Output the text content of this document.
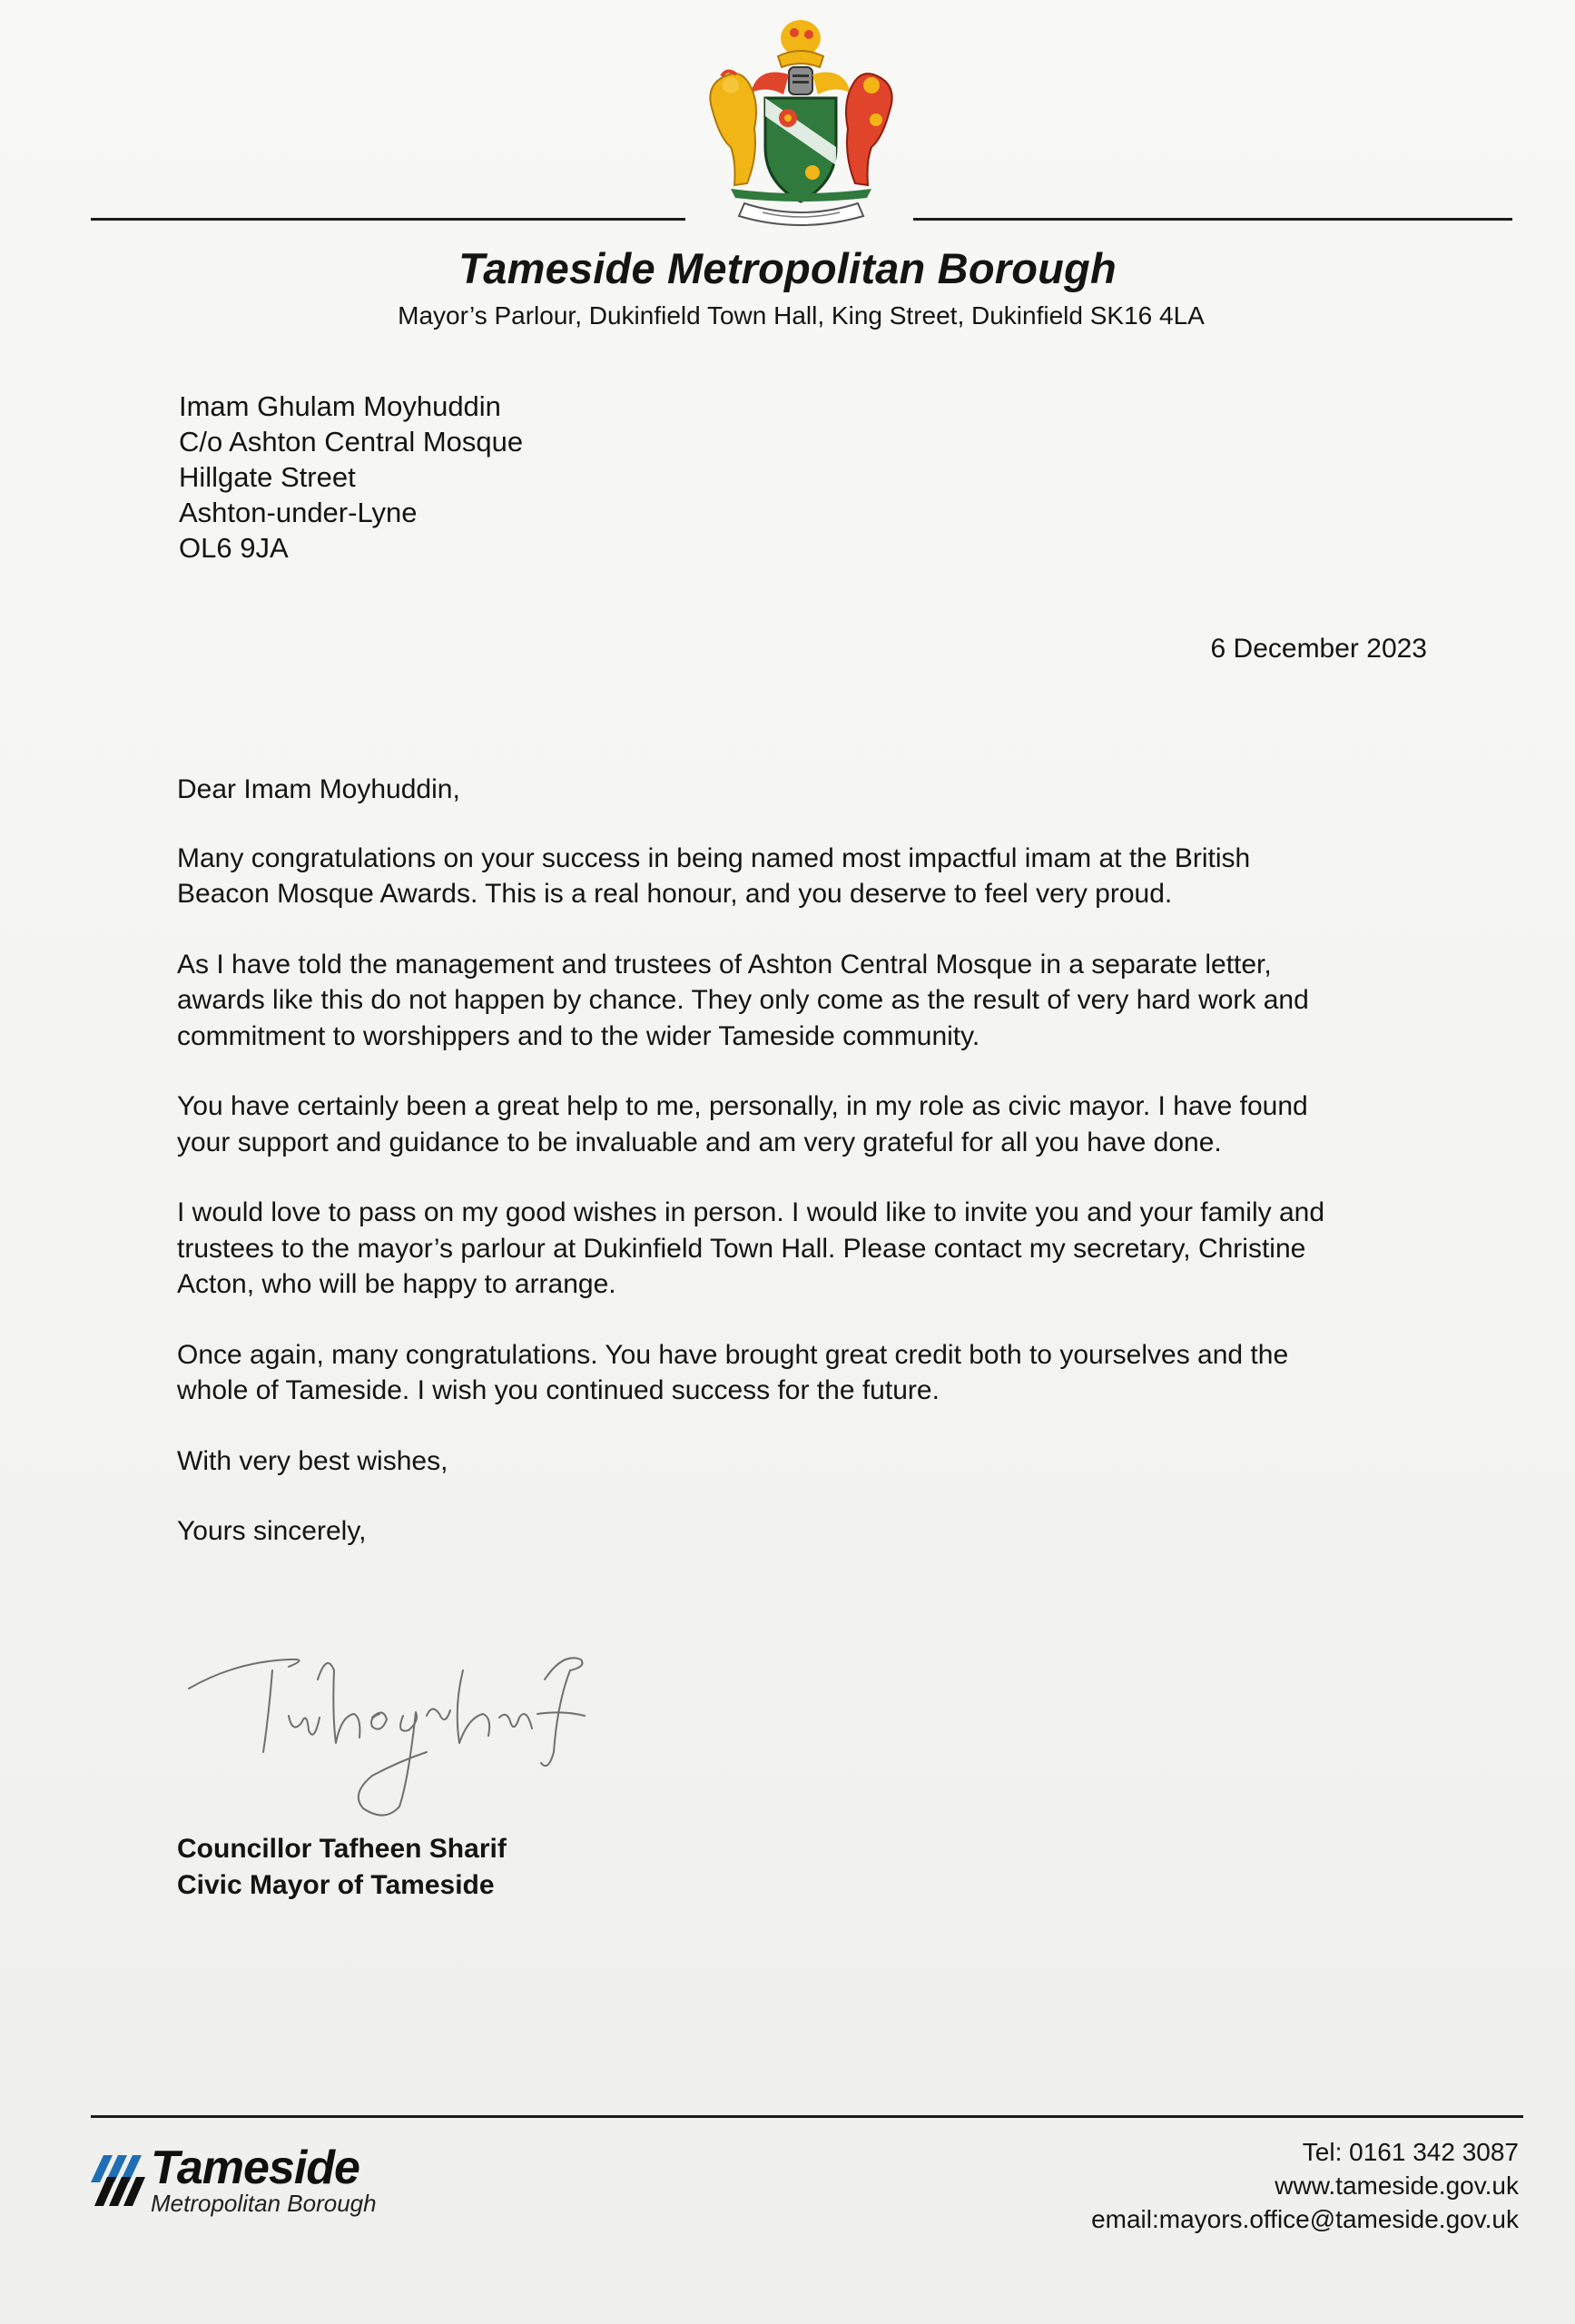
Tameside Metropolitan Borough
Mayor’s Parlour, Dukinfield Town Hall, King Street, Dukinfield SK16 4LA
Imam Ghulam Moyhuddin
C/o Ashton Central Mosque
Hillgate Street
Ashton-under-Lyne
OL6 9JA
6 December 2023

Dear Imam Moyhuddin,

Many congratulations on your success in being named most impactful imam at the British
Beacon Mosque Awards. This is a real honour, and you deserve to feel very proud.

As I have told the management and trustees of Ashton Central Mosque in a separate letter,
awards like this do not happen by chance. They only come as the result of very hard work and
commitment to worshippers and to the wider Tameside community.

You have certainly been a great help to me, personally, in my role as civic mayor. I have found
your support and guidance to be invaluable and am very grateful for all you have done.

I would love to pass on my good wishes in person. I would like to invite you and your family and
trustees to the mayor’s parlour at Dukinfield Town Hall. Please contact my secretary, Christine
Acton, who will be happy to arrange.

Once again, many congratulations. You have brought great credit both to yourselves and the
whole of Tameside. I wish you continued success for the future.

With very best wishes,

Yours sincerely,

Councillor Tafheen Sharif
Civic Mayor of Tameside
Tameside
Metropolitan Borough
Tel: 0161 342 3087
www.tameside.gov.uk
email:mayors.office@tameside.gov.uk
